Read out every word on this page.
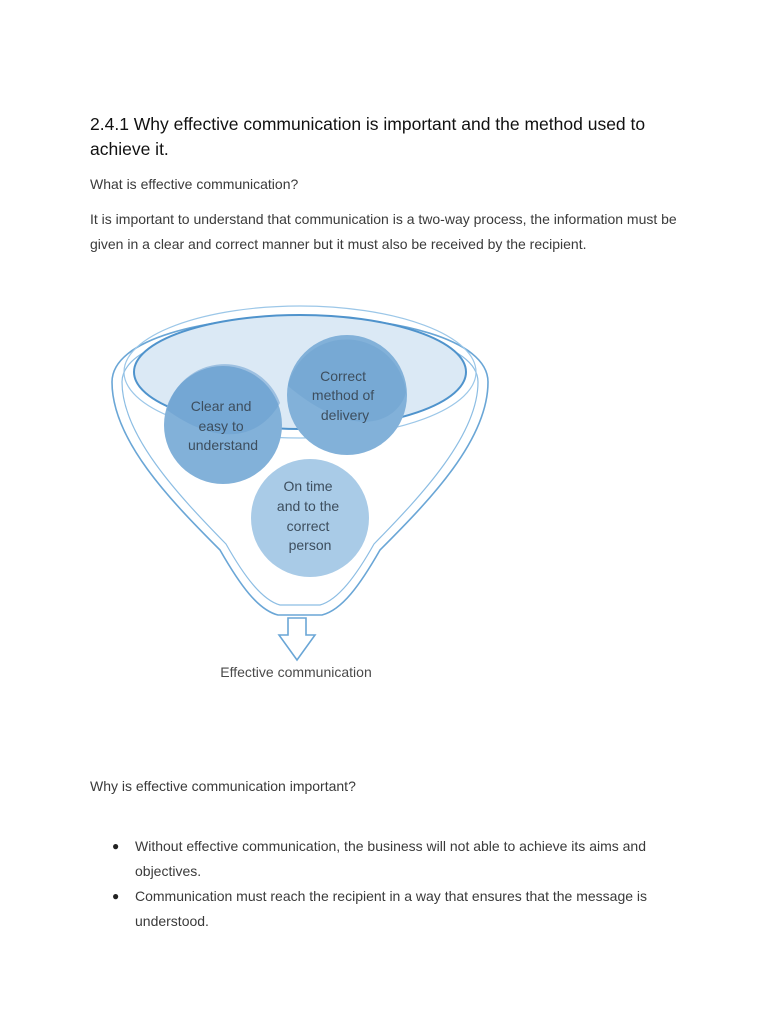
2.4.1 Why effective communication is important and the method used to achieve it.

What is effective communication?

It is important to understand that communication is a two-way process, the information must be given in a clear and correct manner but it must also be received by the recipient.

Clear and easy to understand
Correct method of delivery
On time and to the correct person
Effective communication

Why is effective communication important?

● Without effective communication, the business will not able to achieve its aims and objectives.
● Communication must reach the recipient in a way that ensures that the message is understood.
